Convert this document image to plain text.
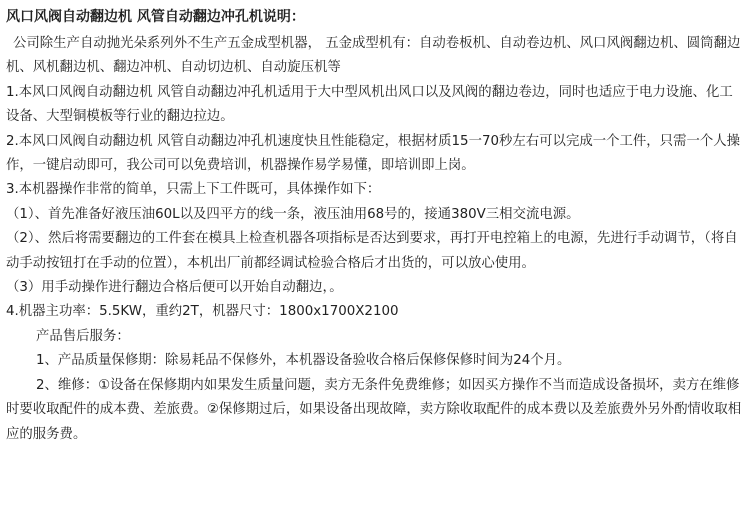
风口风阀自动翻边机 风管自动翻边冲孔机说明：

公司除生产自动抛光朵系列外不生产五金成型机器， 五金成型机有：自动卷板机、自动卷边机、风口风阀翻边机、圆筒翻边机、风机翻边机、翻边冲机、自动切边机、自动旋压机等

1.本风口风阀自动翻边机 风管自动翻边冲孔机适用于大中型风机出风口以及风阀的翻边卷边，同时也适应于电力设施、化工设备、大型铜模板等行业的翻边拉边。

2.本风口风阀自动翻边机 风管自动翻边冲孔机速度快且性能稳定，根据材质15一70秒左右可以完成一个工件，只需一个人操作，一键启动即可，我公司可以免费培训，机器操作易学易懂，即培训即上岗。

3.本机器操作非常的简单，只需上下工件既可，具体操作如下：

（1）、首先准备好液压油60L以及四平方的线一条，液压油用68号的，接通380V三相交流电源。

（2）、然后将需要翻边的工件套在模具上检查机器各项指标是否达到要求，再打开电控箱上的电源，先进行手动调节，（将自动手动按钮打在手动的位置），本机出厂前都经调试检验合格后才出货的，可以放心使用。

（3）用手动操作进行翻边合格后便可以开始自动翻边，。

4.机器主功率：5.5KW，重约2T，机器尺寸：1800x1700X2100

产品售后服务：

1、产品质量保修期：除易耗品不保修外，本机器设备验收合格后保修保修时间为24个月。

2、维修：①设备在保修期内如果发生质量问题，卖方无条件免费维修；如因买方操作不当而造成设备损坏，卖方在维修时要收取配件的成本费、差旅费。②保修期过后，如果设备出现故障，卖方除收取配件的成本费以及差旅费外另外酌情收取相应的服务费。
